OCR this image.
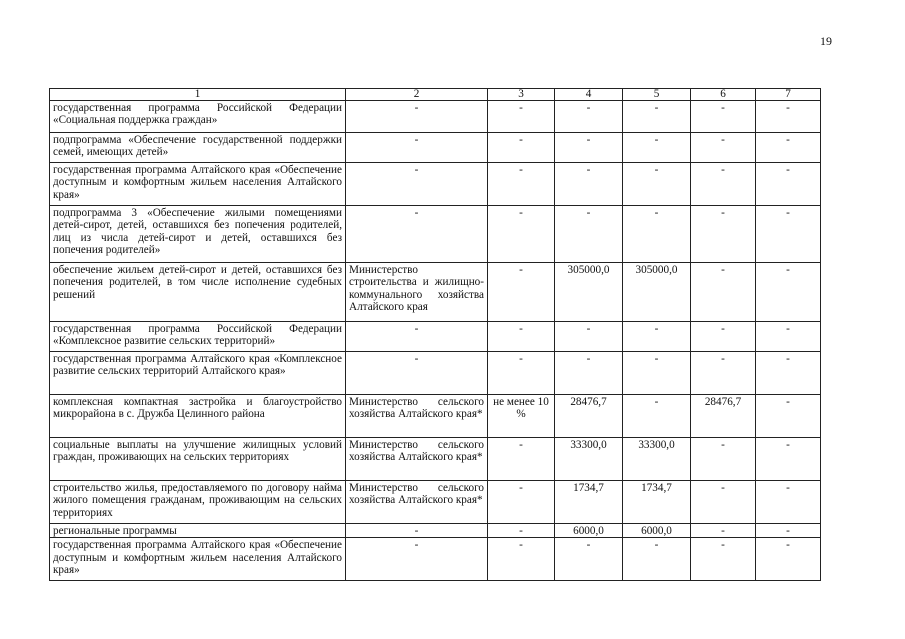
19
1	2	3	4	5	6	7
государственная программа Российской Федерации «Социальная поддержка граждан»	-	-	-	-	-	-
подпрограмма «Обеспечение государственной поддержки семей, имеющих детей»	-	-	-	-	-	-
государственная программа Алтайского края «Обеспечение доступным и комфортным жильем населения Алтайского края»	-	-	-	-	-	-
подпрограмма 3 «Обеспечение жилыми помещениями детей-сирот, детей, оставшихся без попечения родителей, лиц из числа детей-сирот и детей, оставшихся без попечения родителей»	-	-	-	-	-	-
обеспечение жильем детей-сирот и детей, оставшихся без попечения родителей, в том числе исполнение судебных решений	Министерство строительства и жилищно-коммунального хозяйства Алтайского края	-	305000,0	305000,0	-	-
государственная программа Российской Федерации «Комплексное развитие сельских территорий»	-	-	-	-	-	-
государственная программа Алтайского края «Комплексное развитие сельских территорий Алтайского края»	-	-	-	-	-	-
комплексная компактная застройка и благоустройство микрорайона в с. Дружба Целинного района	Министерство сельского хозяйства Алтайского края*	не менее 10 %	28476,7	-	28476,7	-
социальные выплаты на улучшение жилищных условий граждан, проживающих на сельских территориях	Министерство сельского хозяйства Алтайского края*	-	33300,0	33300,0	-	-
строительство жилья, предоставляемого по договору найма жилого помещения гражданам, проживающим на сельских территориях	Министерство сельского хозяйства Алтайского края*	-	1734,7	1734,7	-	-
региональные программы	-	-	6000,0	6000,0	-	-
государственная программа Алтайского края «Обеспечение доступным и комфортным жильем населения Алтайского края»	-	-	-	-	-	-
